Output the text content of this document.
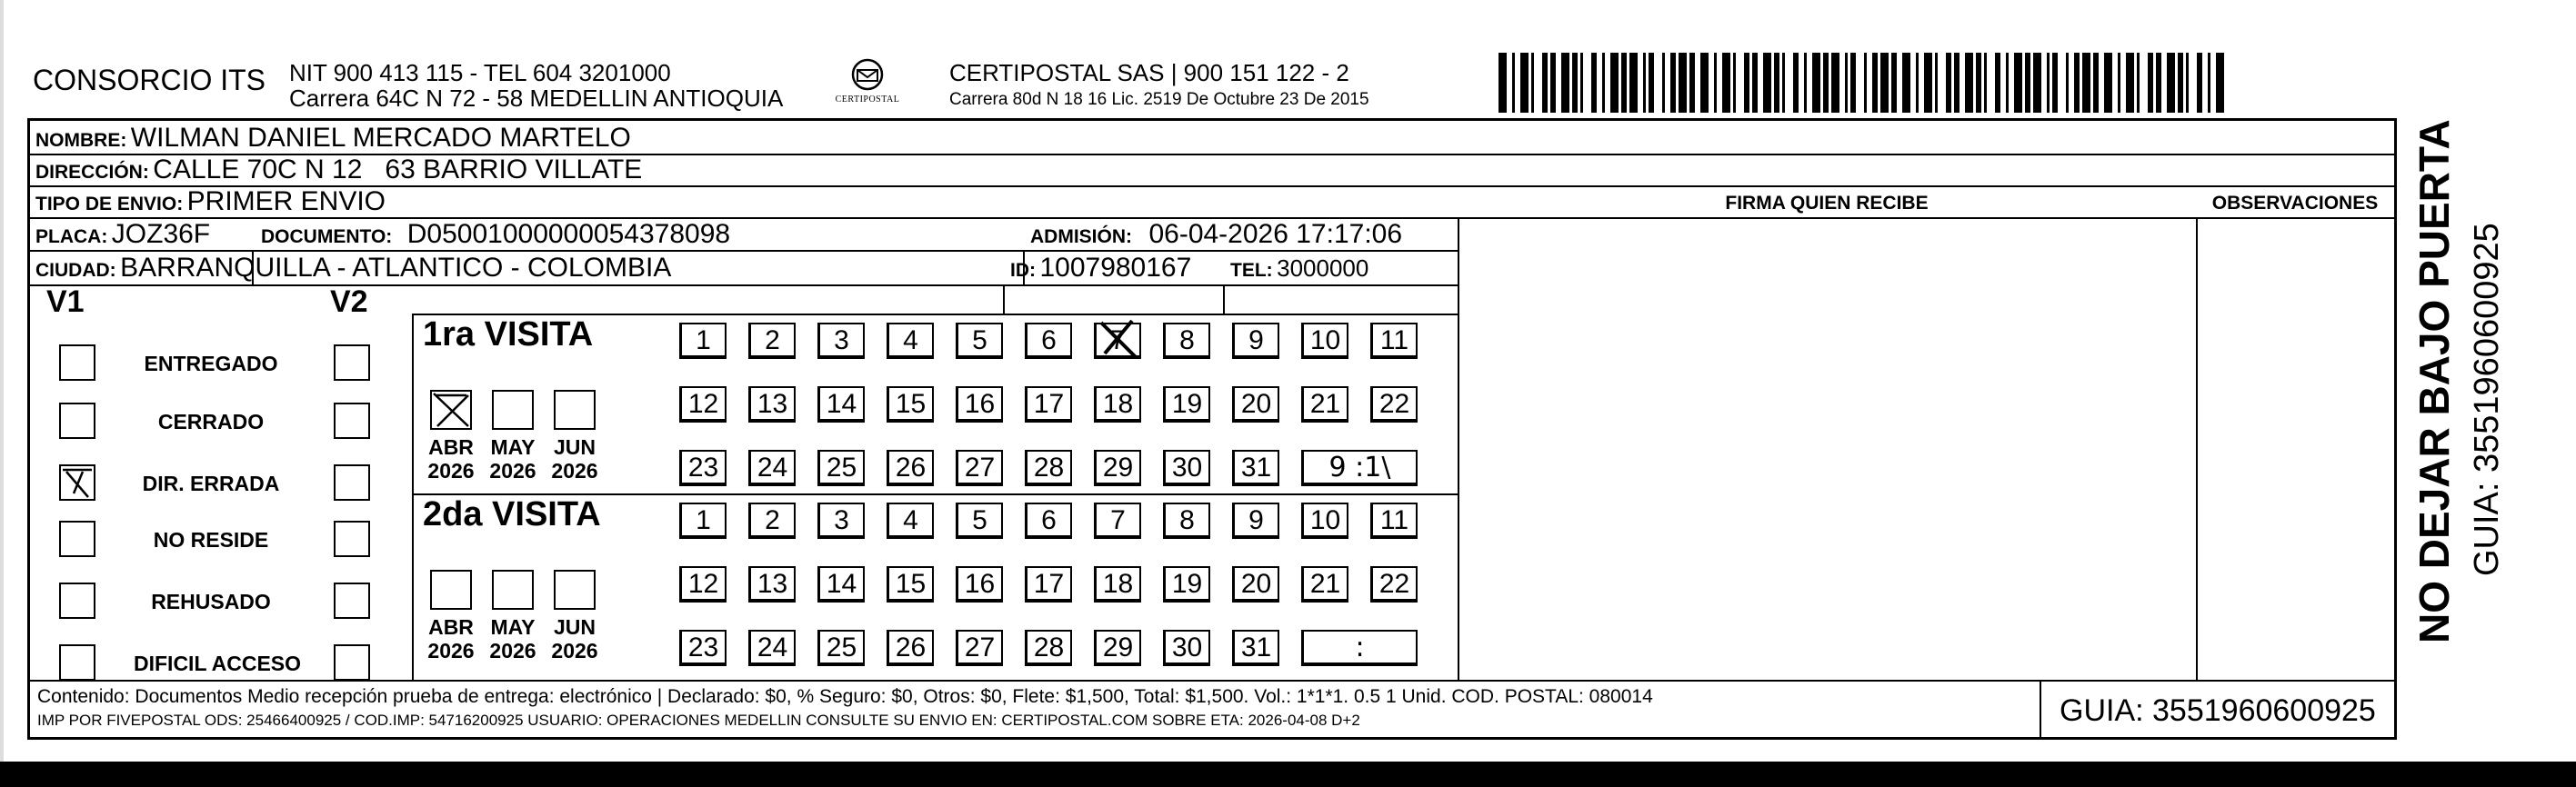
CONSORCIO ITS NIT 900 413 115 - TEL 604 3201000
Carrera 64C N 72 - 58 MEDELLIN ANTIOQUIA	CERTIPOSTAL
CERTIPOSTAL SAS | 900 151 122 - 2
Carrera 80d N 18 16 Lic. 2519 De Octubre 23 De 2015
NOMBRE: WILMAN DANIEL MERCADO MARTELO
DIRECCIÓN: CALLE 70C N 12   63 BARRIO VILLATE
TIPO DE ENVIO: PRIMER ENVIO	FIRMA QUIEN RECIBE	OBSERVACIONES
PLACA: JOZ36F	DOCUMENTO: D05001000000054378098	ADMISIÓN: 06-04-2026 17:17:06
CIUDAD: BARRANQUILLA - ATLANTICO - COLOMBIA	ID: 1007980167 TEL: 3000000
V1	V2
ENTREGADO
CERRADO
DIR. ERRADA
NO RESIDE
REHUSADO
DIFICIL ACCESO
1ra VISITA
ABR
2026
MAY
2026
JUN
2026
1	2	3	4	5	6	7	8	9	10	11
12	13	14	15	16	17	18	19	20	21	22
23	24	25	26	27	28	29	30	31	9 :1\
2da VISITA
ABR
2026
MAY
2026
JUN
2026
1	2	3	4	5	6	7	8	9	10	11
12	13	14	15	16	17	18	19	20	21	22
23	24	25	26	27	28	29	30	31	:
Contenido: Documentos Medio recepción prueba de entrega: electrónico | Declarado: $0, % Seguro: $0, Otros: $0, Flete: $1,500, Total: $1,500. Vol.: 1*1*1. 0.5 1 Unid. COD. POSTAL: 080014
IMP POR FIVEPOSTAL ODS: 25466400925 / COD.IMP: 54716200925 USUARIO: OPERACIONES MEDELLIN CONSULTE SU ENVIO EN: CERTIPOSTAL.COM SOBRE ETA: 2026-04-08 D+2	GUIA: 3551960600925
NO DEJAR BAJO PUERTA GUIA: 3551960600925
